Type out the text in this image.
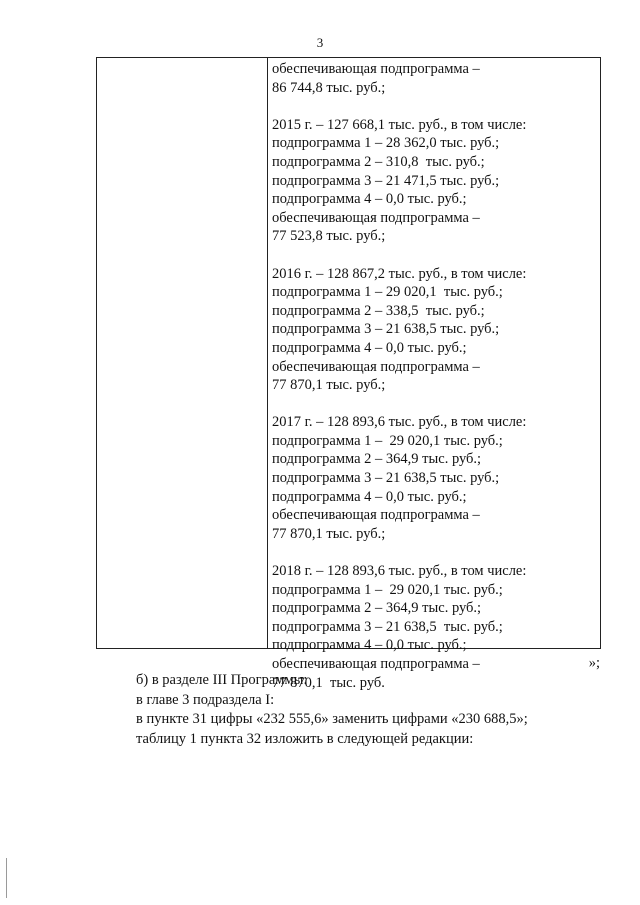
3
обеспечивающая подпрограмма –
86 744,8 тыс. руб.;
2015 г. – 127 668,1 тыс. руб., в том числе:
подпрограмма 1 – 28 362,0 тыс. руб.;
подпрограмма 2 – 310,8  тыс. руб.;
подпрограмма 3 – 21 471,5 тыс. руб.;
подпрограмма 4 – 0,0 тыс. руб.;
обеспечивающая подпрограмма –
77 523,8 тыс. руб.;
2016 г. – 128 867,2 тыс. руб., в том числе:
подпрограмма 1 – 29 020,1  тыс. руб.;
подпрограмма 2 – 338,5  тыс. руб.;
подпрограмма 3 – 21 638,5 тыс. руб.;
подпрограмма 4 – 0,0 тыс. руб.;
обеспечивающая подпрограмма –
77 870,1 тыс. руб.;
2017 г. – 128 893,6 тыс. руб., в том числе:
подпрограмма 1 –  29 020,1 тыс. руб.;
подпрограмма 2 – 364,9 тыс. руб.;
подпрограмма 3 – 21 638,5 тыс. руб.;
подпрограмма 4 – 0,0 тыс. руб.;
обеспечивающая подпрограмма –
77 870,1 тыс. руб.;
2018 г. – 128 893,6 тыс. руб., в том числе:
подпрограмма 1 –  29 020,1 тыс. руб.;
подпрограмма 2 – 364,9 тыс. руб.;
подпрограмма 3 – 21 638,5  тыс. руб.;
подпрограмма 4 – 0,0 тыс. руб.;
обеспечивающая подпрограмма –
77 870,1  тыс. руб.
»;
б) в разделе III Программы:
в главе 3 подраздела I:
в пункте 31 цифры «232 555,6» заменить цифрами «230 688,5»;
таблицу 1 пункта 32 изложить в следующей редакции:
